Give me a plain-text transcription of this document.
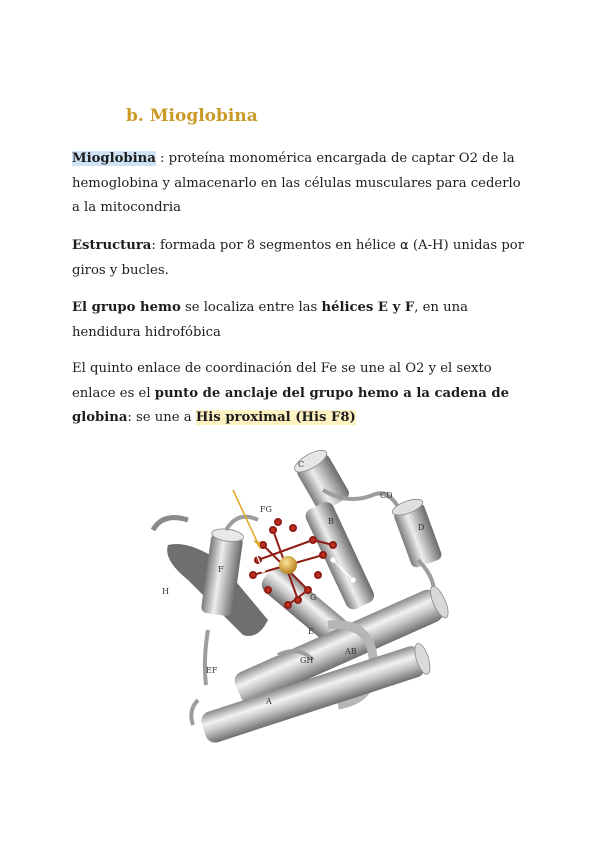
b. Mioglobina

Mioglobina : proteína monomérica encargada de captar O2 de la hemoglobina y almacenarlo en las células musculares para cederlo a la mitocondria

Estructura: formada por 8 segmentos en hélice ⍺ (A-H) unidas por giros y bucles.

El grupo hemo se localiza entre las hélices E y F, en una hendidura hidrofóbica

El quinto enlace de coordinación del Fe se une al O2 y el sexto enlace es el punto de anclaje del grupo hemo a la cadena de globina: se une a His proximal (His F8)

C
CD
D
B
FG
F
H
G
E
AB
GH
EF
A
